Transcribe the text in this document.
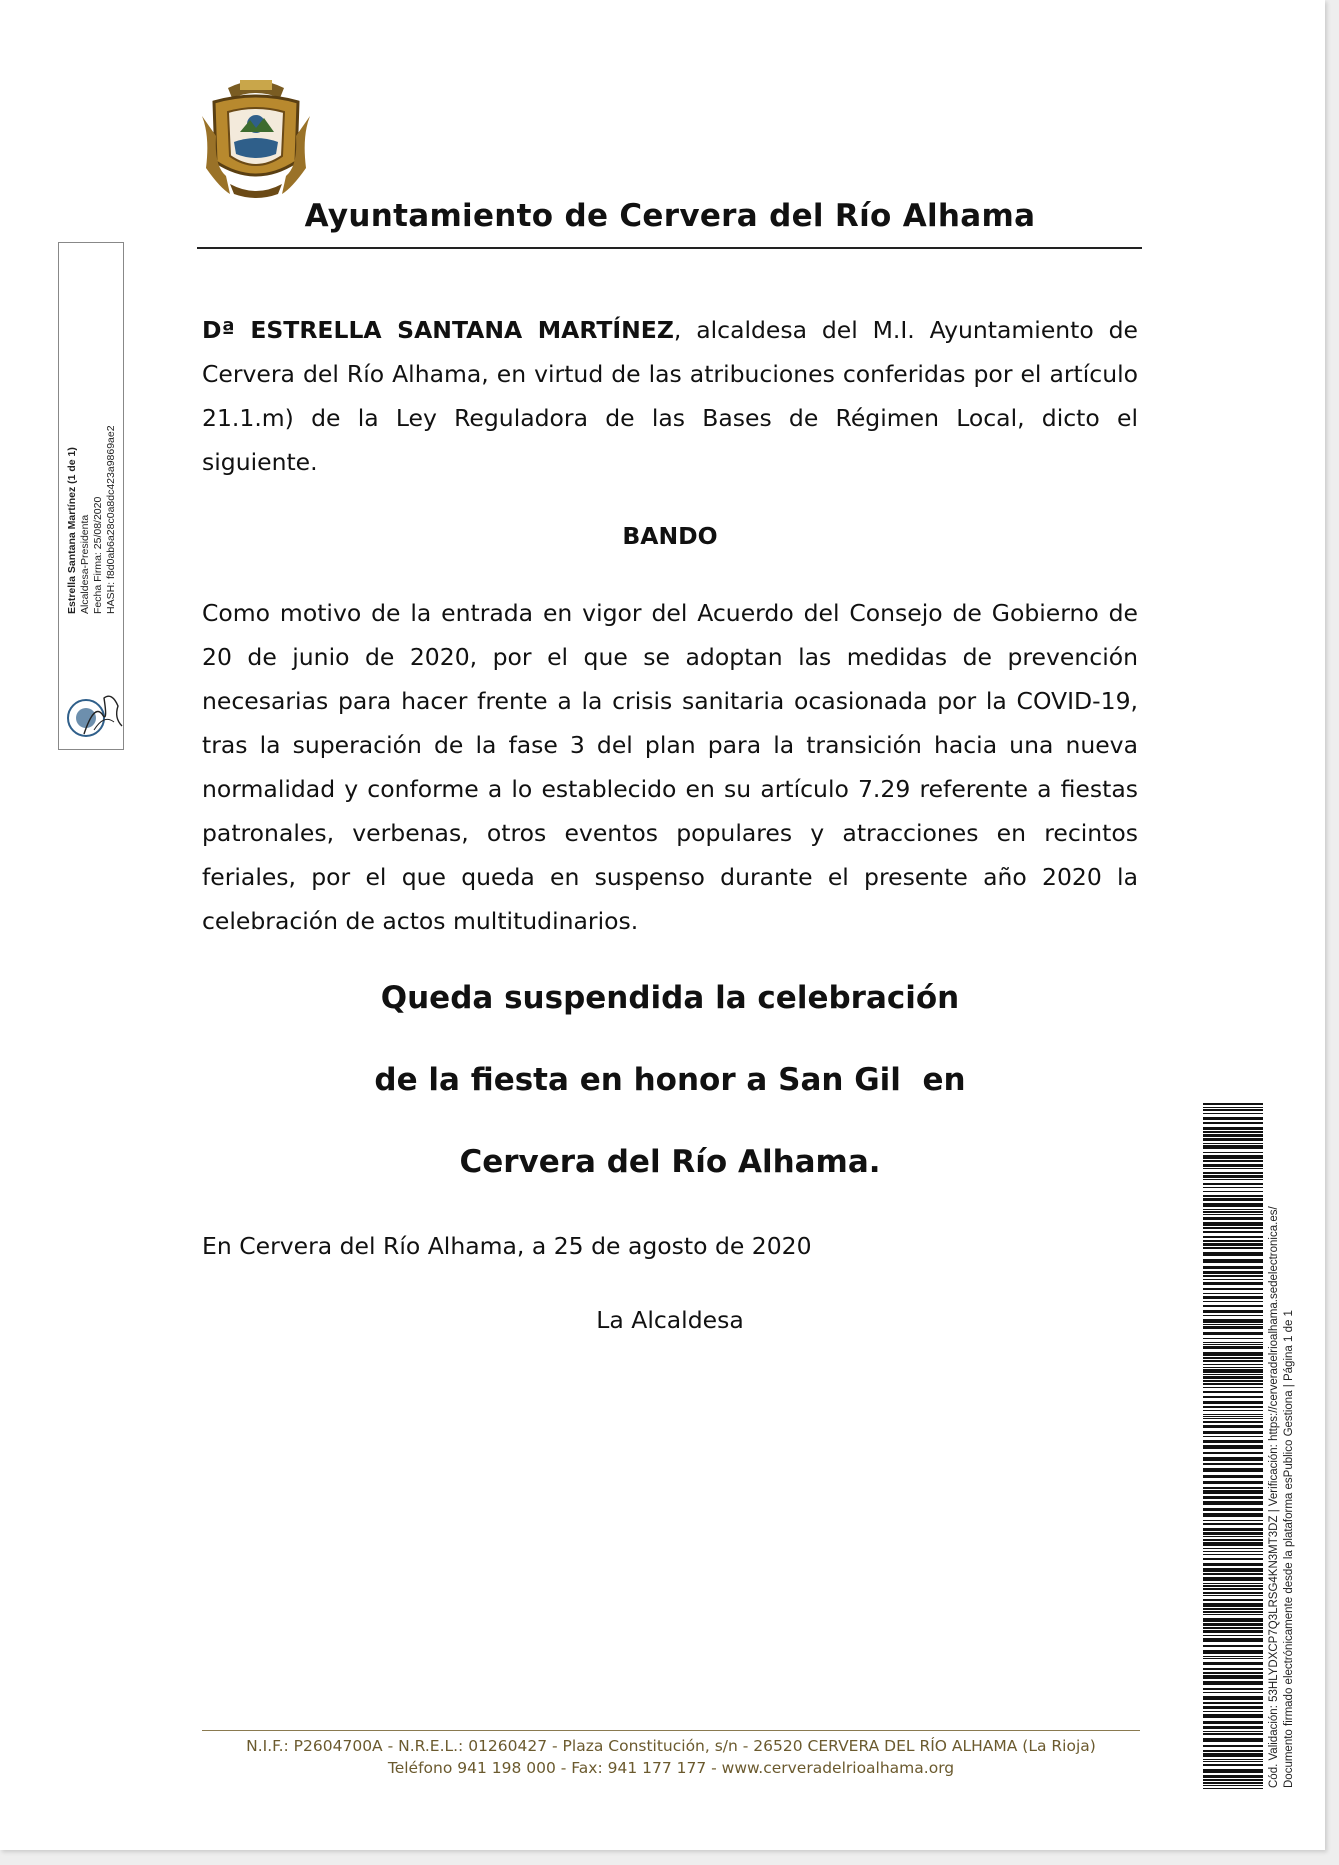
Ayuntamiento de Cervera del Río Alhama
Dª ESTRELLA SANTANA MARTÍNEZ, alcaldesa del M.I. Ayuntamiento de Cervera del Río Alhama, en virtud de las atribuciones conferidas por el artículo 21.1.m) de la Ley Reguladora de las Bases de Régimen Local, dicto el siguiente.
BANDO
Como motivo de la entrada en vigor del Acuerdo del Consejo de Gobierno de 20 de junio de 2020, por el que se adoptan las medidas de prevención necesarias para hacer frente a la crisis sanitaria ocasionada por la COVID-19, tras la superación de la fase 3 del plan para la transición hacia una nueva normalidad y conforme a lo establecido en su artículo 7.29 referente a fiestas patronales, verbenas, otros eventos populares y atracciones en recintos feriales, por el que queda en suspenso durante el presente año 2020 la celebración de actos multitudinarios.
Queda suspendida la celebración
de la fiesta en honor a San Gil  en
Cervera del Río Alhama.
En Cervera del Río Alhama, a 25 de agosto de 2020
La Alcaldesa
N.I.F.: P2604700A - N.R.E.L.: 01260427 - Plaza Constitución, s/n - 26520 CERVERA DEL RÍO ALHAMA (La Rioja)
Teléfono 941 198 000 - Fax: 941 177 177 - www.cerveradelrioalhama.org
Estrella Santana Martínez (1 de 1) Alcaldesa-Presidenta Fecha Firma: 25/08/2020 HASH: f8d0ab6a28c0a8dc423a9869ae2
Cód. Validación: 53HLYDXCP7Q3LRSG4KN3MT3DZ | Verificación: https://cerveradelrioalhama.sedelectronica.es/ Documento firmado electrónicamente desde la plataforma esPublico Gestiona | Página 1 de 1
